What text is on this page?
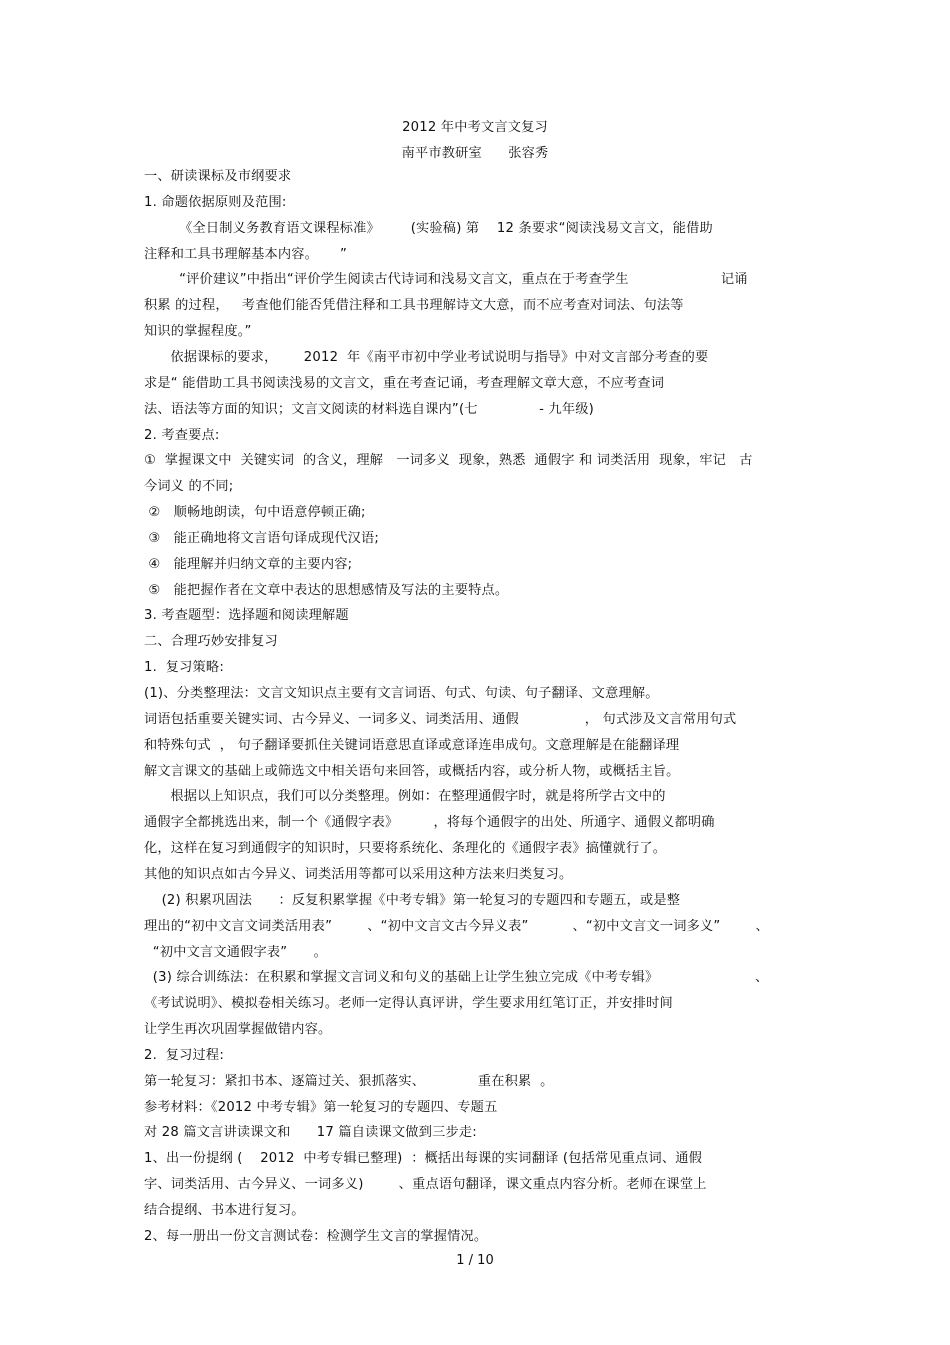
2012 年中考文言文复习
南平市教研室      张容秀
一、研读课标及市纲要求
1. 命题依据原则及范围:
《全日制义务教育语文课程标准》       (实验稿) 第    12 条要求“阅读浅易文言文，能借助
注释和工具书理解基本内容。     ”
“评价建议”中指出“评价学生阅读古代诗词和浅易文言文，重点在于考查学生                     记诵
积累 的过程，   考查他们能否凭借注释和工具书理解诗文大意，而不应考查对词法、句法等
知识的掌握程度。”
依据课标的要求，      2012  年《南平市初中学业考试说明与指导》中对文言部分考查的要
求是“ 能借助工具书阅读浅易的文言文，重在考查记诵，考查理解文章大意，不应考查词
法、语法等方面的知识；文言文阅读的材料选自课内”(七              - 九年级)
2. 考查要点:
①  掌握课文中  关键实词  的含义，理解   一词多义  现象，熟悉  通假字 和 词类活用  现象，牢记   古
今词义 的不同;
②   顺畅地朗读，句中语意停顿正确;
③   能正确地将文言语句译成现代汉语;
④   能理解并归纳文章的主要内容;
⑤   能把握作者在文章中表达的思想感情及写法的主要特点。
3. 考查题型：选择题和阅读理解题
二、合理巧妙安排复习
1.  复习策略:
(1)、分类整理法：文言文知识点主要有文言词语、句式、句读、句子翻译、文意理解。
词语包括重要关键实词、古今异义、一词多义、词类活用、通假               ， 句式涉及文言常用句式
和特殊句式  ， 句子翻译要抓住关键词语意思直译或意译连串成句。文意理解是在能翻译理
解文言课文的基础上或筛选文中相关语句来回答，或概括内容，或分析人物，或概括主旨。
根据以上知识点，我们可以分类整理。例如：在整理通假字时，就是将所学古文中的
通假字全都挑选出来，制一个《通假字表》        ，将每个通假字的出处、所通字、通假义都明确
化，这样在复习到通假字的知识时，只要将系统化、条理化的《通假字表》搞懂就行了。
其他的知识点如古今异义、词类活用等都可以采用这种方法来归类复习。
(2) 积累巩固法      ：反复积累掌握《中考专辑》第一轮复习的专题四和专题五，或是整
理出的“初中文言文词类活用表”        、“初中文言文古今异义表”          、“初中文言文一词多义”        、
“初中文言文通假字表”      。
(3) 综合训练法：在积累和掌握文言词义和句义的基础上让学生独立完成《中考专辑》                      、
《考试说明》、模拟卷相关练习。老师一定得认真评讲，学生要求用红笔订正，并安排时间
让学生再次巩固掌握做错内容。
2.  复习过程:
第一轮复习：紧扣书本、逐篇过关、狠抓落实、            重在积累  。
参考材料：《2012 中考专辑》第一轮复习的专题四、专题五
对 28 篇文言讲读课文和      17 篇自读课文做到三步走:
1、出一份提纲 (    2012  中考专辑已整理)  ：概括出每课的实词翻译 (包括常见重点词、通假
字、词类活用、古今异义、一词多义)        、重点语句翻译，课文重点内容分析。老师在课堂上
结合提纲、书本进行复习。
2、每一册出一份文言测试卷：检测学生文言的掌握情况。
1 / 10
